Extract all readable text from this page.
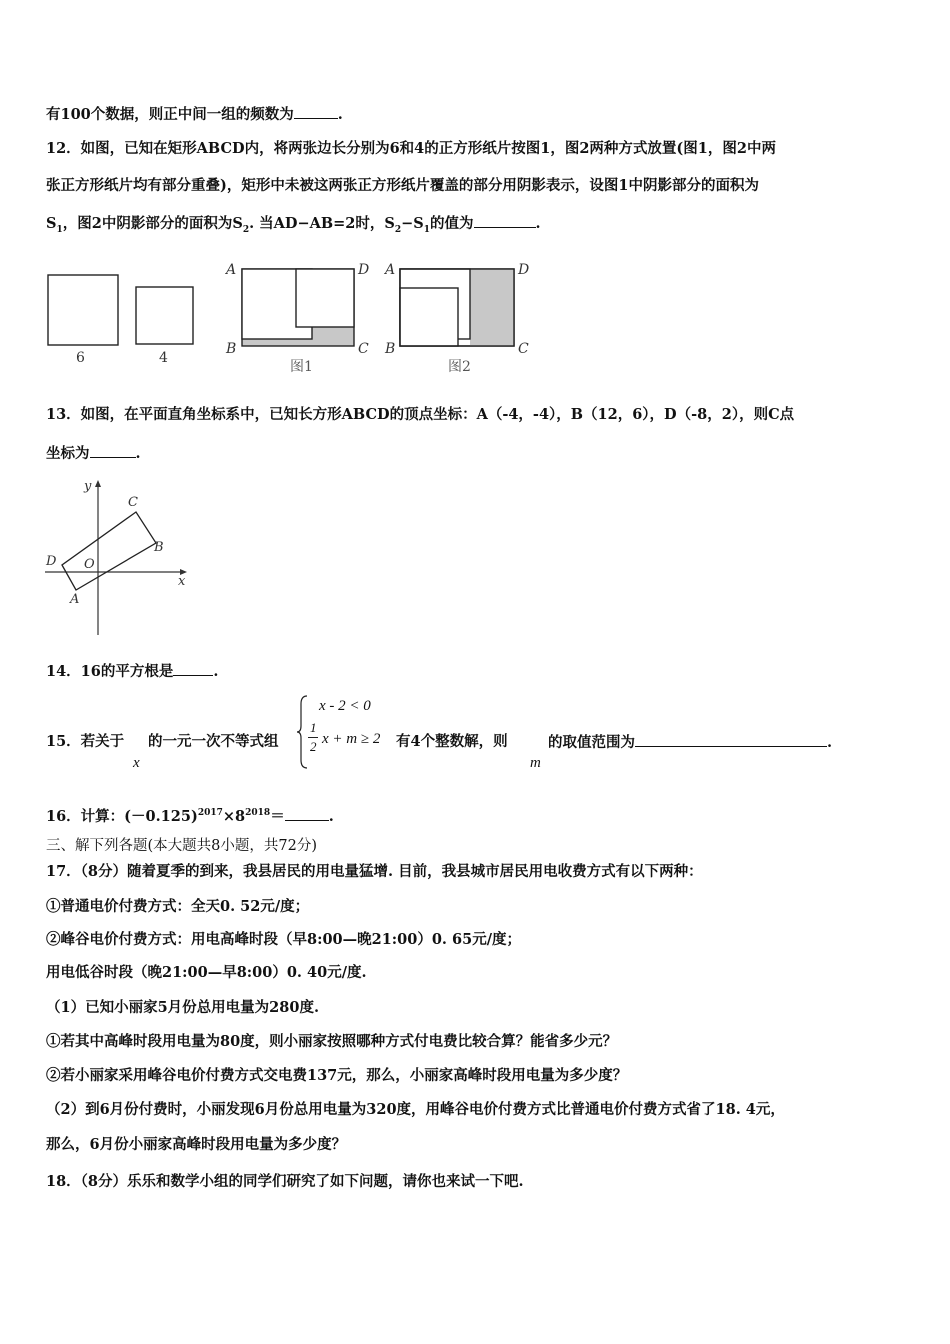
有100个数据，则正中间一组的频数为	.
12．如图，已知在矩形ABCD内，将两张边长分别为6和4的正方形纸片按图1，图2两种方式放置(图1，图2中两
张正方形纸片均有部分重叠)，矩形中未被这两张正方形纸片覆盖的部分用阴影表示，设图1中阴影部分的面积为
$S_1$，图2中阴影部分的面积为$S_2$. 当AD−AB=2时，$S_2-S_1$的值为	.
6	4
A	D
B	C
图1
A	D
B	C
图2
13．如图，在平面直角坐标系中，已知长方形ABCD的顶点坐标：A（-4，-4），B（12，6），D（-8，2），则C点
坐标为	.
x
y
O
A
B
C
D
14．16的平方根是	.
15．若关于
x
的一元一次不等式组
x - 2 < 0
1
2 x + m ≥ 2 有4个整数解，则
m
的取值范围为	.
16．计算：$(-0.125)^{2017}\times 8^{2018}=$	.
三、解下列各题(本大题共8小题，共72分)
17．（8分）随着夏季的到来，我县居民的用电量猛增. 目前，我县城市居民用电收费方式有以下两种：
①普通电价付费方式：全天0. 52元/度；
②峰谷电价付费方式：用电高峰时段（早8:00—晚21:00）0. 65元/度；
用电低谷时段（晚21:00—早8:00）0. 40元/度.
（1）已知小丽家5月份总用电量为280度.
①若其中高峰时段用电量为80度，则小丽家按照哪种方式付电费比较合算？能省多少元？
②若小丽家采用峰谷电价付费方式交电费137元，那么，小丽家高峰时段用电量为多少度？
（2）到6月份付费时，小丽发现6月份总用电量为320度，用峰谷电价付费方式比普通电价付费方式省了18. 4元，
那么，6月份小丽家高峰时段用电量为多少度？
18．（8分）乐乐和数学小组的同学们研究了如下问题，请你也来试一下吧.
